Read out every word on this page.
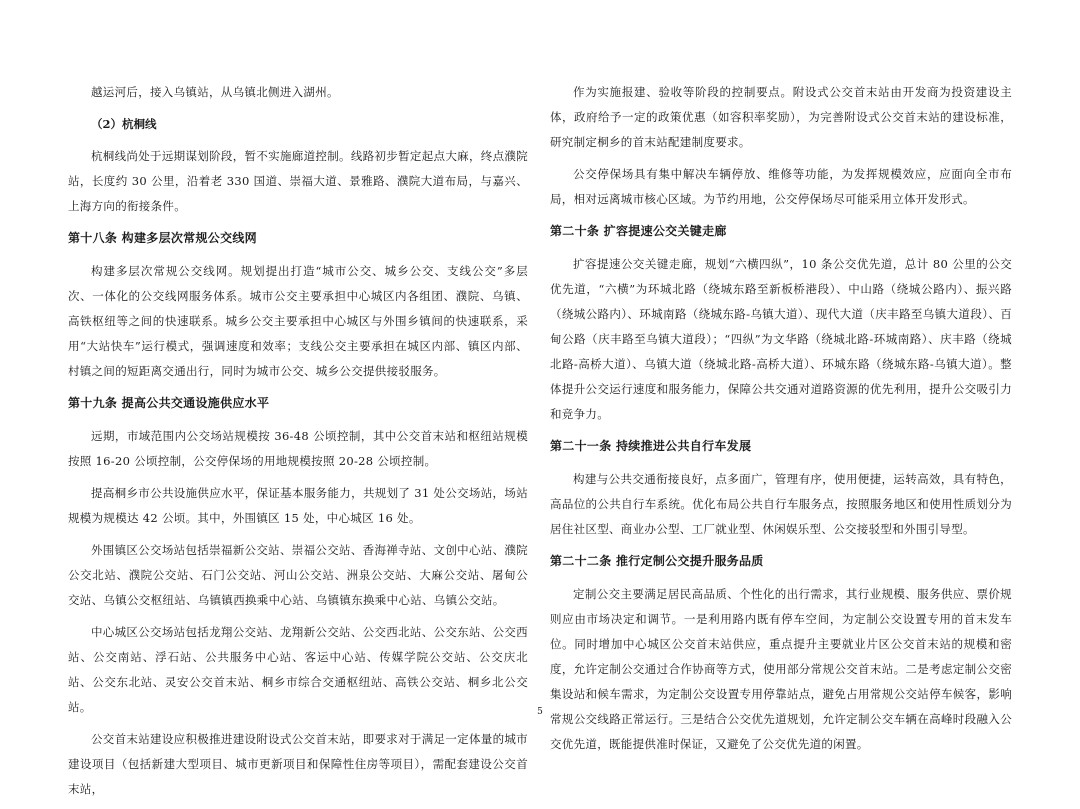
越运河后，接入乌镇站，从乌镇北侧进入湖州。

（2）杭桐线

杭桐线尚处于远期谋划阶段，暂不实施廊道控制。线路初步暂定起点大麻，终点濮院站，长度约 30 公里，沿着老 330 国道、崇福大道、景雅路、濮院大道布局，与嘉兴、上海方向的衔接条件。

第十八条 构建多层次常规公交线网

构建多层次常规公交线网。规划提出打造“城市公交、城乡公交、支线公交”多层次、一体化的公交线网服务体系。城市公交主要承担中心城区内各组团、濮院、乌镇、高铁枢纽等之间的快速联系。城乡公交主要承担中心城区与外围乡镇间的快速联系，采用“大站快车”运行模式，强调速度和效率；支线公交主要承担在城区内部、镇区内部、村镇之间的短距离交通出行，同时为城市公交、城乡公交提供接驳服务。

第十九条 提高公共交通设施供应水平

远期，市域范围内公交场站规模按 36-48 公顷控制，其中公交首末站和枢纽站规模按照 16-20 公顷控制，公交停保场的用地规模按照 20-28 公顷控制。

提高桐乡市公共设施供应水平，保证基本服务能力，共规划了 31 处公交场站，场站规模为规模达 42 公顷。其中，外围镇区 15 处，中心城区 16 处。

外围镇区公交场站包括崇福新公交站、崇福公交站、香海禅寺站、文创中心站、濮院公交北站、濮院公交站、石门公交站、河山公交站、洲泉公交站、大麻公交站、屠甸公交站、乌镇公交枢纽站、乌镇镇西换乘中心站、乌镇镇东换乘中心站、乌镇公交站。

中心城区公交场站包括龙翔公交站、龙翔新公交站、公交西北站、公交东站、公交西站、公交南站、浮石站、公共服务中心站、客运中心站、传媒学院公交站、公交庆北站、公交东北站、灵安公交首末站、桐乡市综合交通枢纽站、高铁公交站、桐乡北公交站。

公交首末站建设应积极推进建设附设式公交首末站，即要求对于满足一定体量的城市建设项目（包括新建大型项目、城市更新项目和保障性住房等项目），需配套建设公交首末站，

作为实施报建、验收等阶段的控制要点。附设式公交首末站由开发商为投资建设主体，政府给予一定的政策优惠（如容积率奖励），为完善附设式公交首末站的建设标准，研究制定桐乡的首末站配建制度要求。

公交停保场具有集中解决车辆停放、维修等功能，为发挥规模效应，应面向全市布局，相对远离城市核心区域。为节约用地，公交停保场尽可能采用立体开发形式。

第二十条 扩容提速公交关键走廊

扩容提速公交关键走廊，规划“六横四纵”，10 条公交优先道，总计 80 公里的公交优先道，“六横”为环城北路（绕城东路至新板桥港段）、中山路（绕城公路内）、振兴路（绕城公路内）、环城南路（绕城东路-乌镇大道）、现代大道（庆丰路至乌镇大道段）、百甸公路（庆丰路至乌镇大道段）；“四纵”为文华路（绕城北路-环城南路）、庆丰路（绕城北路-高桥大道）、乌镇大道（绕城北路-高桥大道）、环城东路（绕城东路-乌镇大道）。整体提升公交运行速度和服务能力，保障公共交通对道路资源的优先利用，提升公交吸引力和竞争力。

第二十一条 持续推进公共自行车发展

构建与公共交通衔接良好，点多面广，管理有序，使用便捷，运转高效，具有特色，高品位的公共自行车系统。优化布局公共自行车服务点，按照服务地区和使用性质划分为居住社区型、商业办公型、工厂就业型、休闲娱乐型、公交接驳型和外围引导型。

第二十二条 推行定制公交提升服务品质

定制公交主要满足居民高品质、个性化的出行需求，其行业规模、服务供应、票价规则应由市场决定和调节。一是利用路内既有停车空间，为定制公交设置专用的首末发车位。同时增加中心城区公交首末站供应，重点提升主要就业片区公交首末站的规模和密度，允许定制公交通过合作协商等方式，使用部分常规公交首末站。二是考虑定制公交密集设站和候车需求，为定制公交设置专用停靠站点，避免占用常规公交站停车候客，影响常规公交线路正常运行。三是结合公交优先道规划，允许定制公交车辆在高峰时段融入公交优先道，既能提供准时保证，又避免了公交优先道的闲置。

5
